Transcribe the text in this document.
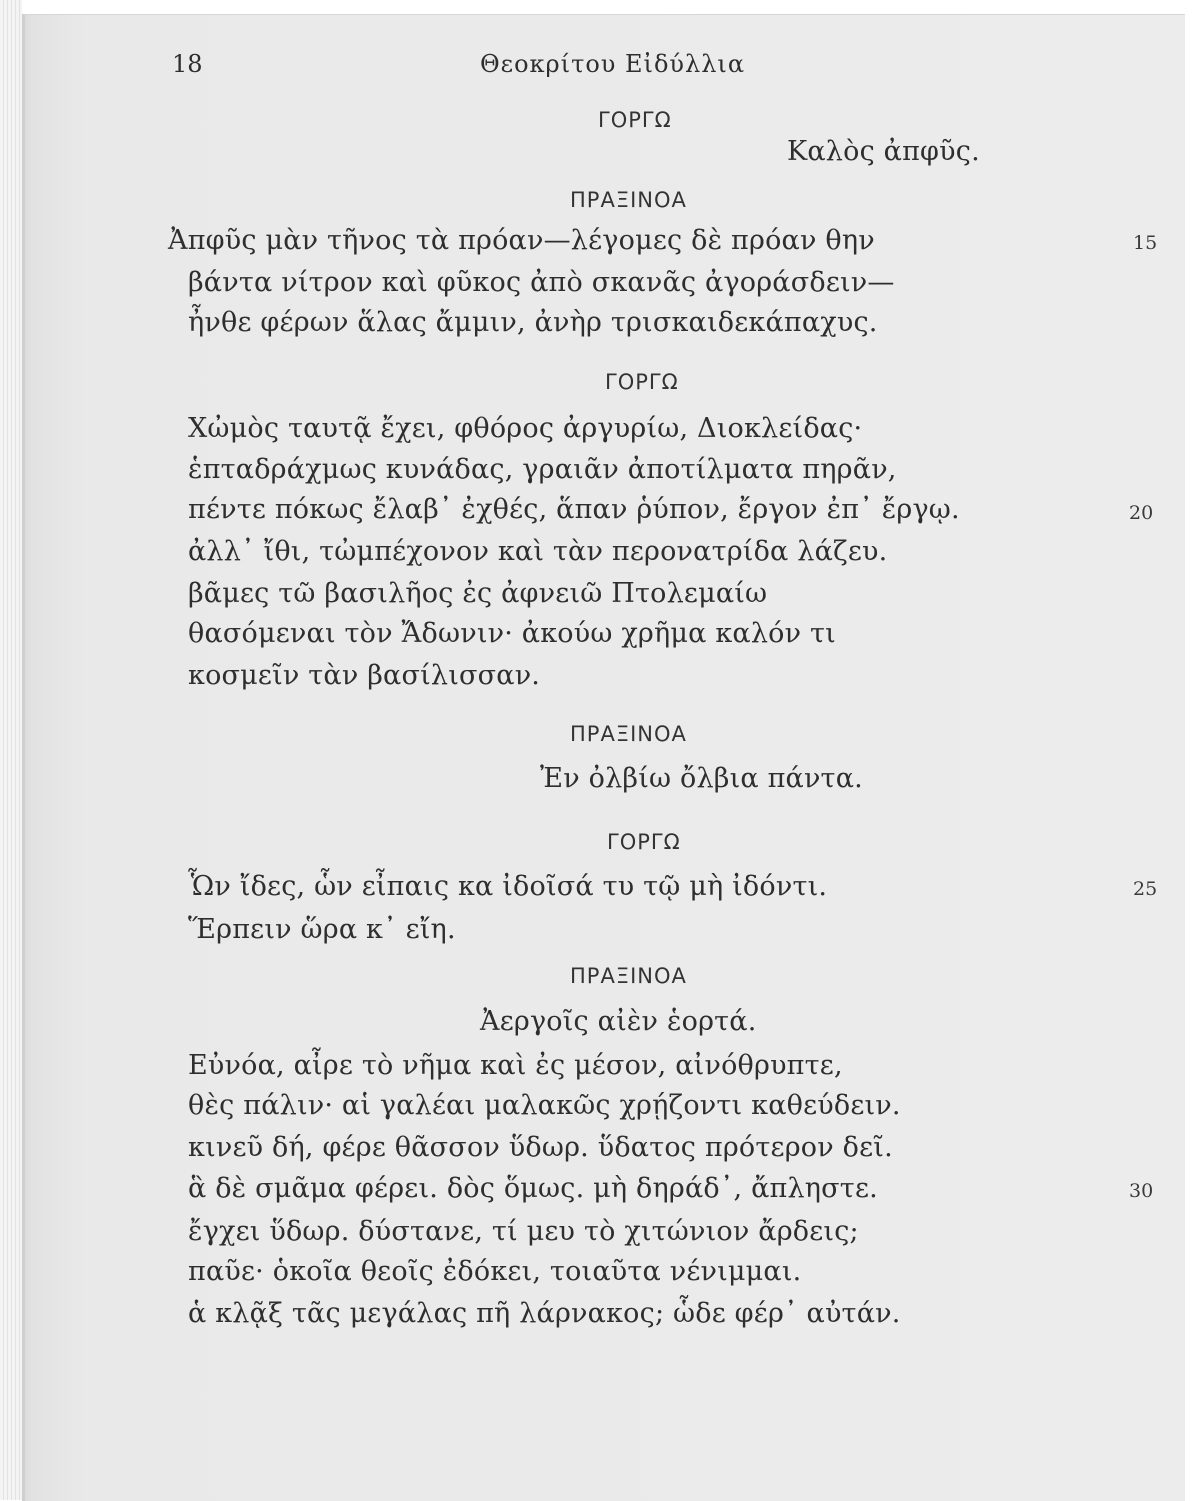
18	Θεοκρίτου Εἰδύλλια
ΓΟΡΓΩ
Καλὸς ἀπφῦς.
ΠΡΑΞΙΝΟΑ
Ἀπφῦς μὰν τῆνος τὰ πρόαν—λέγομες δὲ πρόαν θην	15
βάντα νίτρον καὶ φῦκος ἀπὸ σκανᾶς ἀγοράσδειν—
ἦνθε φέρων ἅλας ἄμμιν, ἀνὴρ τρισκαιδεκάπαχυς.
ΓΟΡΓΩ
Χὠμὸς ταυτᾷ ἔχει, φθόρος ἀργυρίω, Διοκλείδας·
ἑπταδράχμως κυνάδας, γραιᾶν ἀποτίλματα πηρᾶν,
πέντε πόκως ἔλαβ᾽ ἐχθές, ἅπαν ῥύπον, ἔργον ἐπ᾽ ἔργῳ.	20
ἀλλ᾽ ἴθι, τὠμπέχονον καὶ τὰν περονατρίδα λάζευ.
βᾶμες τῶ βασιλῆος ἐς ἀφνειῶ Πτολεμαίω
θασόμεναι τὸν Ἄδωνιν· ἀκούω χρῆμα καλόν τι
κοσμεῖν τὰν βασίλισσαν.
ΠΡΑΞΙΝΟΑ
Ἐν ὀλβίω ὄλβια πάντα.
ΓΟΡΓΩ
Ὧν ἴδες, ὧν εἶπαις κα ἰδοῖσά τυ τῷ μὴ ἰδόντι.	25
Ἕρπειν ὥρα κ᾽ εἴη.
ΠΡΑΞΙΝΟΑ
Ἀεργοῖς αἰὲν ἑορτά.
Εὐνόα, αἶρε τὸ νῆμα καὶ ἐς μέσον, αἰνόθρυπτε,
θὲς πάλιν· αἱ γαλέαι μαλακῶς χρῄζοντι καθεύδειν.
κινεῦ δή, φέρε θᾶσσον ὕδωρ. ὕδατος πρότερον δεῖ.
ἃ δὲ σμᾶμα φέρει. δὸς ὅμως. μὴ δηράδ᾽, ἄπληστε.	30
ἔγχει ὕδωρ. δύστανε, τί μευ τὸ χιτώνιον ἄρδεις;
παῦε· ὁκοῖα θεοῖς ἐδόκει, τοιαῦτα νένιμμαι.
ἁ κλᾷξ τᾶς μεγάλας πῆ λάρνακος; ὧδε φέρ᾽ αὐτάν.
